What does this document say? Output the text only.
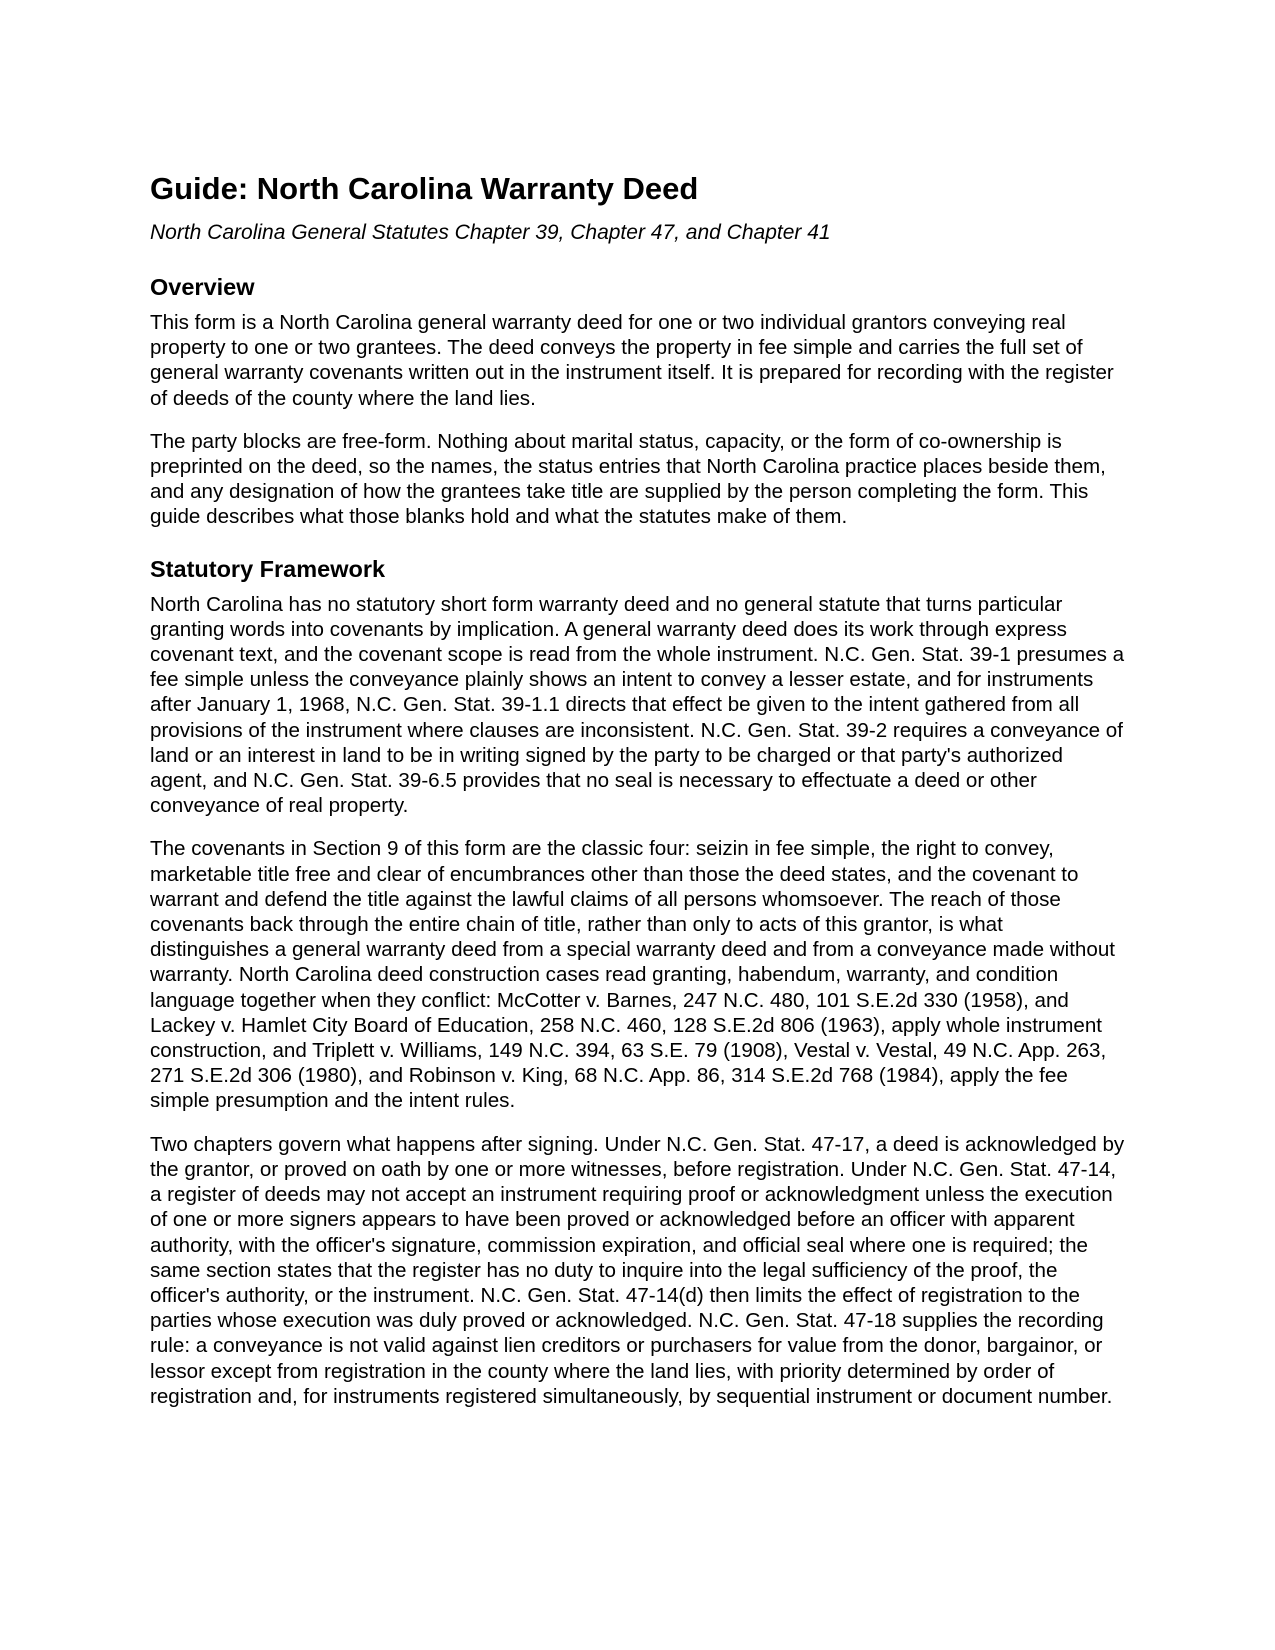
Guide: North Carolina Warranty Deed
North Carolina General Statutes Chapter 39, Chapter 47, and Chapter 41
Overview

This form is a North Carolina general warranty deed for one or two individual grantors conveying real property to one or two grantees. The deed conveys the property in fee simple and carries the full set of general warranty covenants written out in the instrument itself. It is prepared for recording with the register of deeds of the county where the land lies.

The party blocks are free-form. Nothing about marital status, capacity, or the form of co-ownership is preprinted on the deed, so the names, the status entries that North Carolina practice places beside them, and any designation of how the grantees take title are supplied by the person completing the form. This guide describes what those blanks hold and what the statutes make of them.

Statutory Framework

North Carolina has no statutory short form warranty deed and no general statute that turns particular granting words into covenants by implication. A general warranty deed does its work through express covenant text, and the covenant scope is read from the whole instrument. N.C. Gen. Stat. 39-1 presumes a fee simple unless the conveyance plainly shows an intent to convey a lesser estate, and for instruments after January 1, 1968, N.C. Gen. Stat. 39-1.1 directs that effect be given to the intent gathered from all provisions of the instrument where clauses are inconsistent. N.C. Gen. Stat. 39-2 requires a conveyance of land or an interest in land to be in writing signed by the party to be charged or that party's authorized agent, and N.C. Gen. Stat. 39-6.5 provides that no seal is necessary to effectuate a deed or other conveyance of real property.

The covenants in Section 9 of this form are the classic four: seizin in fee simple, the right to convey, marketable title free and clear of encumbrances other than those the deed states, and the covenant to warrant and defend the title against the lawful claims of all persons whomsoever. The reach of those covenants back through the entire chain of title, rather than only to acts of this grantor, is what distinguishes a general warranty deed from a special warranty deed and from a conveyance made without warranty. North Carolina deed construction cases read granting, habendum, warranty, and condition language together when they conflict: McCotter v. Barnes, 247 N.C. 480, 101 S.E.2d 330 (1958), and Lackey v. Hamlet City Board of Education, 258 N.C. 460, 128 S.E.2d 806 (1963), apply whole instrument construction, and Triplett v. Williams, 149 N.C. 394, 63 S.E. 79 (1908), Vestal v. Vestal, 49 N.C. App. 263, 271 S.E.2d 306 (1980), and Robinson v. King, 68 N.C. App. 86, 314 S.E.2d 768 (1984), apply the fee simple presumption and the intent rules.

Two chapters govern what happens after signing. Under N.C. Gen. Stat. 47-17, a deed is acknowledged by the grantor, or proved on oath by one or more witnesses, before registration. Under N.C. Gen. Stat. 47-14, a register of deeds may not accept an instrument requiring proof or acknowledgment unless the execution of one or more signers appears to have been proved or acknowledged before an officer with apparent authority, with the officer's signature, commission expiration, and official seal where one is required; the same section states that the register has no duty to inquire into the legal sufficiency of the proof, the officer's authority, or the instrument. N.C. Gen. Stat. 47-14(d) then limits the effect of registration to the parties whose execution was duly proved or acknowledged. N.C. Gen. Stat. 47-18 supplies the recording rule: a conveyance is not valid against lien creditors or purchasers for value from the donor, bargainor, or lessor except from registration in the county where the land lies, with priority determined by order of registration and, for instruments registered simultaneously, by sequential instrument or document number.
